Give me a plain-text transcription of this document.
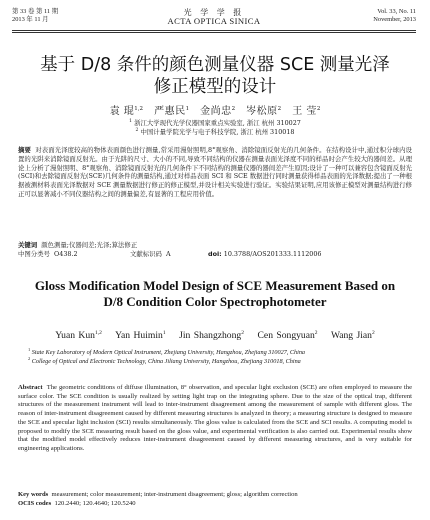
第 33 卷 第 11 期
2013 年 11 月
光 学 学 报
ACTA OPTICA SINICA
Vol. 33, No. 11
November, 2013
基于 D/8 条件的颜色测量仪器 SCE 测量光泽
修正模型的设计
袁 琨$^{1,2}$ 严惠民$^1$ 金尚忠$^2$ 岑松原$^2$ 王 莹$^2$
$^1$ 浙江大学现代光学仪器国家重点实验室, 浙江 杭州 310027
$^2$ 中国计量学院光学与电子科技学院, 浙江 杭州 310018
摘要 对表面光泽度较高的物体表面颜色进行测量,常采用漫射照明,8°观察角、消除镜面反射光的几何条件。在结构设计中,通过积分球内设置的光阱来消除镜面反射光。由于光阱的尺寸、大小的不同,导致不同结构的仪器在测量表面光泽度不同的样品时会产生较大的器间差。从理论上分析了漫射照明、8°观察角、消除镜面反射光的几何条件下不同结构的测量仪器的器间差产生原因;设计了一种可以兼容包含镜面反射光(SCI)和去除镜面反射光(SCE)几何条件的测量结构,通过对样品表面 SCI 和 SCE 数据进行同时测量获得样品表面的光泽数据;提出了一种根据被测材料表面光泽数据对 SCE 测量数据进行修正的修正模型,并设计相关实验进行验证。实验结果证明,应用该修正模型对测量结构进行修正可以显著减小不同仪器结构之间的测量偏差,有显著的工程应用价值。
关键词 颜色测量;仪器间差;光泽;算法修正
中图分类号 O438.2	文献标识码 A	doi: 10.3788/AOS201333.1112006
Gloss Modification Model Design of SCE Measurement Based on
D/8 Condition Color Spectrophotometer
Yuan Kun$^{1,2}$ Yan Huimin$^1$ Jin Shangzhong$^2$ Cen Songyuan$^2$ Wang Jian$^2$
$^1$ State Key Laboratory of Modern Optical Instrument, Zhejiang University, Hangzhou, Zhejiang 310027, China
$^2$ College of Optical and Electronic Technology, China Jiliang University, Hangzhou, Zhejiang 310018, China
Abstract The geometric conditions of diffuse illumination, 8° observation, and specular light exclusion (SCE) are often employed to measure the surface color. The SCE condition is usually realized by setting light trap on the integrating sphere. Due to the size of the optical trap, different structures of the measurement instrument will lead to inter-instrument disagreement among the measurement of sample with different gloss. The reason of inter-instrument disagreement caused by different measuring structures is analyzed in theory; a measuring structure is designed to measure the SCE and specular light inclusion (SCI) results simultaneously. The gloss value is calculated from the SCE and SCI results. A computing model is proposed to modify the SCE measuring result based on the gloss value, and experimental verification is also carried out. Experimental results show that the modified model effectively reduces inter-instrument disagreement caused by different measuring structures, and is very suitable for engineering applications.
Key words measurement; color measurement; inter-instrument disagreement; gloss; algorithm correction
OCIS codes 120.2440; 120.4640; 120.5240
